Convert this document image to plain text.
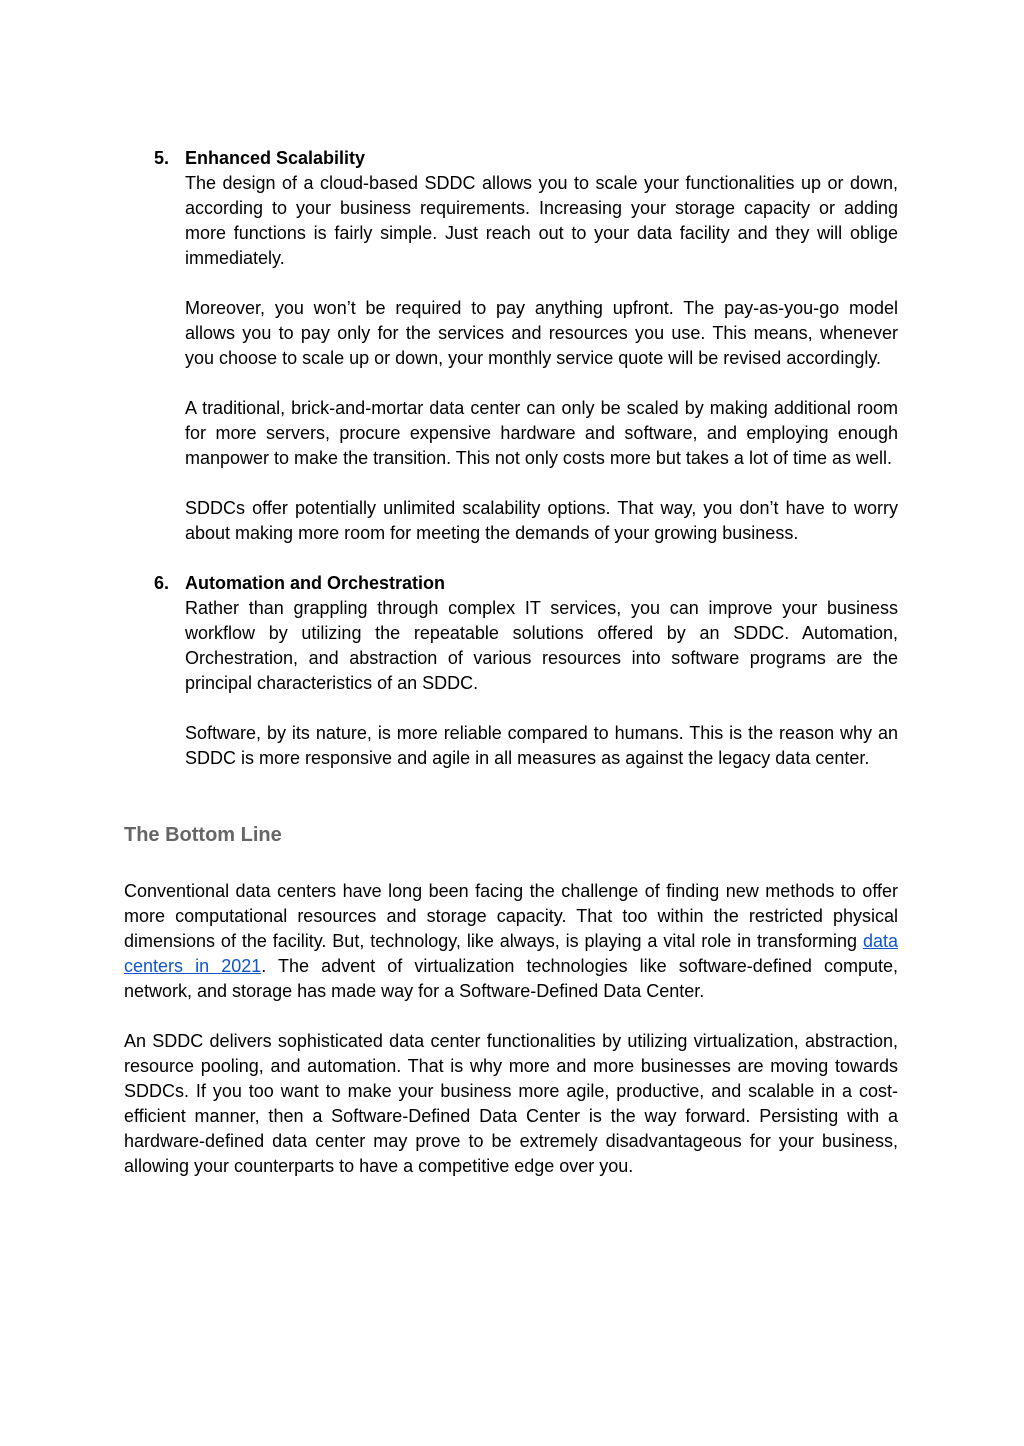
5. Enhanced Scalability

The design of a cloud-based SDDC allows you to scale your functionalities up or down, according to your business requirements. Increasing your storage capacity or adding more functions is fairly simple. Just reach out to your data facility and they will oblige immediately.

Moreover, you won’t be required to pay anything upfront. The pay-as-you-go model allows you to pay only for the services and resources you use. This means, whenever you choose to scale up or down, your monthly service quote will be revised accordingly.

A traditional, brick-and-mortar data center can only be scaled by making additional room for more servers, procure expensive hardware and software, and employing enough manpower to make the transition. This not only costs more but takes a lot of time as well.

SDDCs offer potentially unlimited scalability options. That way, you don’t have to worry about making more room for meeting the demands of your growing business.

6. Automation and Orchestration

Rather than grappling through complex IT services, you can improve your business workflow by utilizing the repeatable solutions offered by an SDDC. Automation, Orchestration, and abstraction of various resources into software programs are the principal characteristics of an SDDC.

Software, by its nature, is more reliable compared to humans. This is the reason why an SDDC is more responsive and agile in all measures as against the legacy data center.

The Bottom Line

Conventional data centers have long been facing the challenge of finding new methods to offer more computational resources and storage capacity. That too within the restricted physical dimensions of the facility. But, technology, like always, is playing a vital role in transforming data centers in 2021. The advent of virtualization technologies like software-defined compute, network, and storage has made way for a Software-Defined Data Center.

An SDDC delivers sophisticated data center functionalities by utilizing virtualization, abstraction, resource pooling, and automation. That is why more and more businesses are moving towards SDDCs. If you too want to make your business more agile, productive, and scalable in a cost-efficient manner, then a Software-Defined Data Center is the way forward. Persisting with a hardware-defined data center may prove to be extremely disadvantageous for your business, allowing your counterparts to have a competitive edge over you.
